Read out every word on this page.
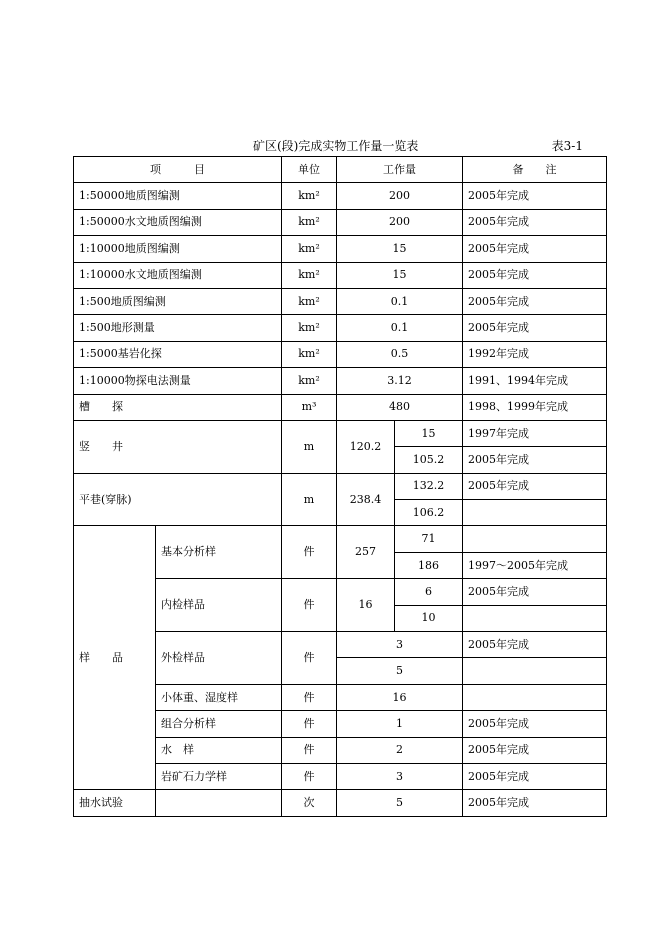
矿区(段)完成实物工作量一览表	表3-1
项　　　目		单位	工作量		备　　注
1:50000地质图编测		km²	200		2005年完成
1:50000水文地质图编测		km²	200		2005年完成
1:10000地质图编测		km²	15		2005年完成
1:10000水文地质图编测		km²	15		2005年完成
1:500地质图编测		km²	0.1		2005年完成
1:500地形测量		km²	0.1		2005年完成
1:5000基岩化探		km²	0.5		1992年完成
1:10000物探电法测量		km²	3.12		1991、1994年完成
槽　　探		m³	480		1998、1999年完成
竖　　井		m	120.2	15	1997年完成
				105.2	2005年完成
平巷(穿脉)		m	238.4	132.2	2005年完成
				106.2	
样　　品	基本分析样	件	257	71	
				186	1997～2005年完成
	内检样品	件	16	6	2005年完成
				10	
	外检样品	件	3		2005年完成
			5		
	小体重、湿度样	件	16		
	组合分析样	件	1		2005年完成
	水　样	件	2		2005年完成
	岩矿石力学样	件	3		2005年完成
抽水试验		次	5		2005年完成
